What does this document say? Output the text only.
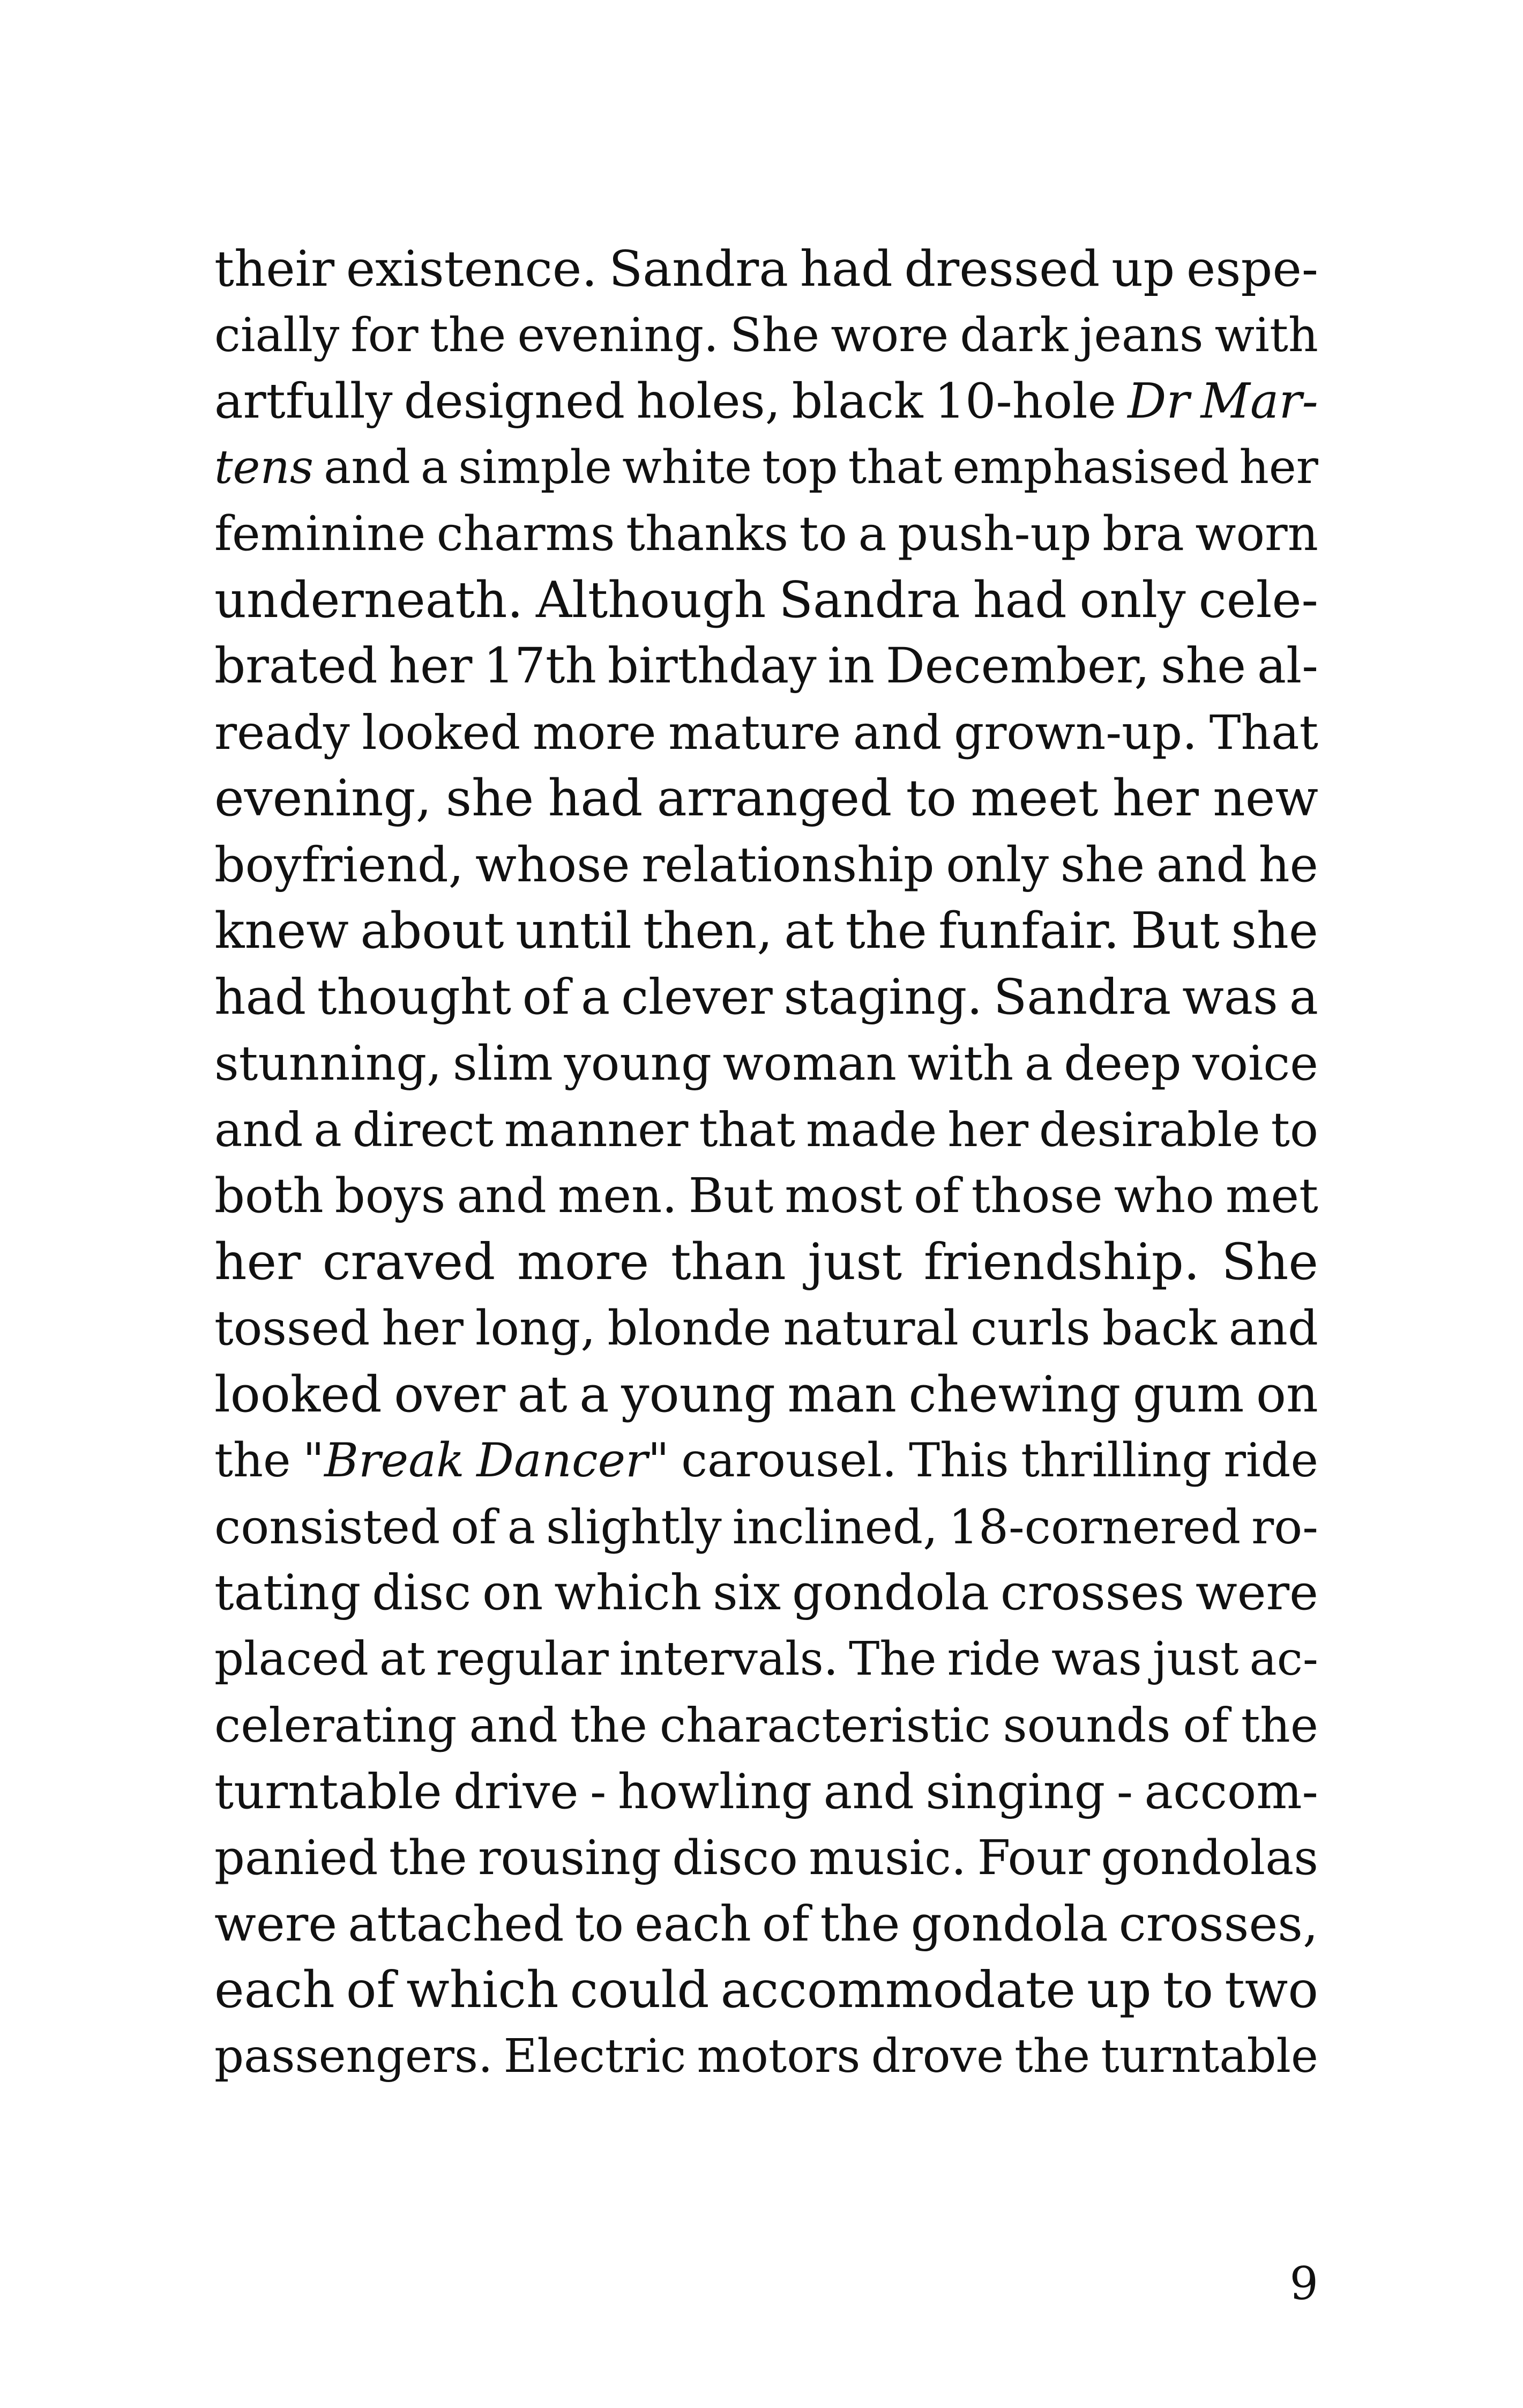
their existence. Sandra had dressed up espe-
cially for the evening. She wore dark jeans with
artfully designed holes, black 10-hole Dr Mar-
tens and a simple white top that emphasised her
feminine charms thanks to a push-up bra worn
underneath. Although Sandra had only cele-
brated her 17th birthday in December, she al-
ready looked more mature and grown-up. That
evening, she had arranged to meet her new
boyfriend, whose relationship only she and he
knew about until then, at the funfair. But she
had thought of a clever staging. Sandra was a
stunning, slim young woman with a deep voice
and a direct manner that made her desirable to
both boys and men. But most of those who met
her craved more than just friendship. She
tossed her long, blonde natural curls back and
looked over at a young man chewing gum on
the "Break Dancer" carousel. This thrilling ride
consisted of a slightly inclined, 18-cornered ro-
tating disc on which six gondola crosses were
placed at regular intervals. The ride was just ac-
celerating and the characteristic sounds of the
turntable drive - howling and singing - accom-
panied the rousing disco music. Four gondolas
were attached to each of the gondola crosses,
each of which could accommodate up to two
passengers. Electric motors drove the turntable
9
